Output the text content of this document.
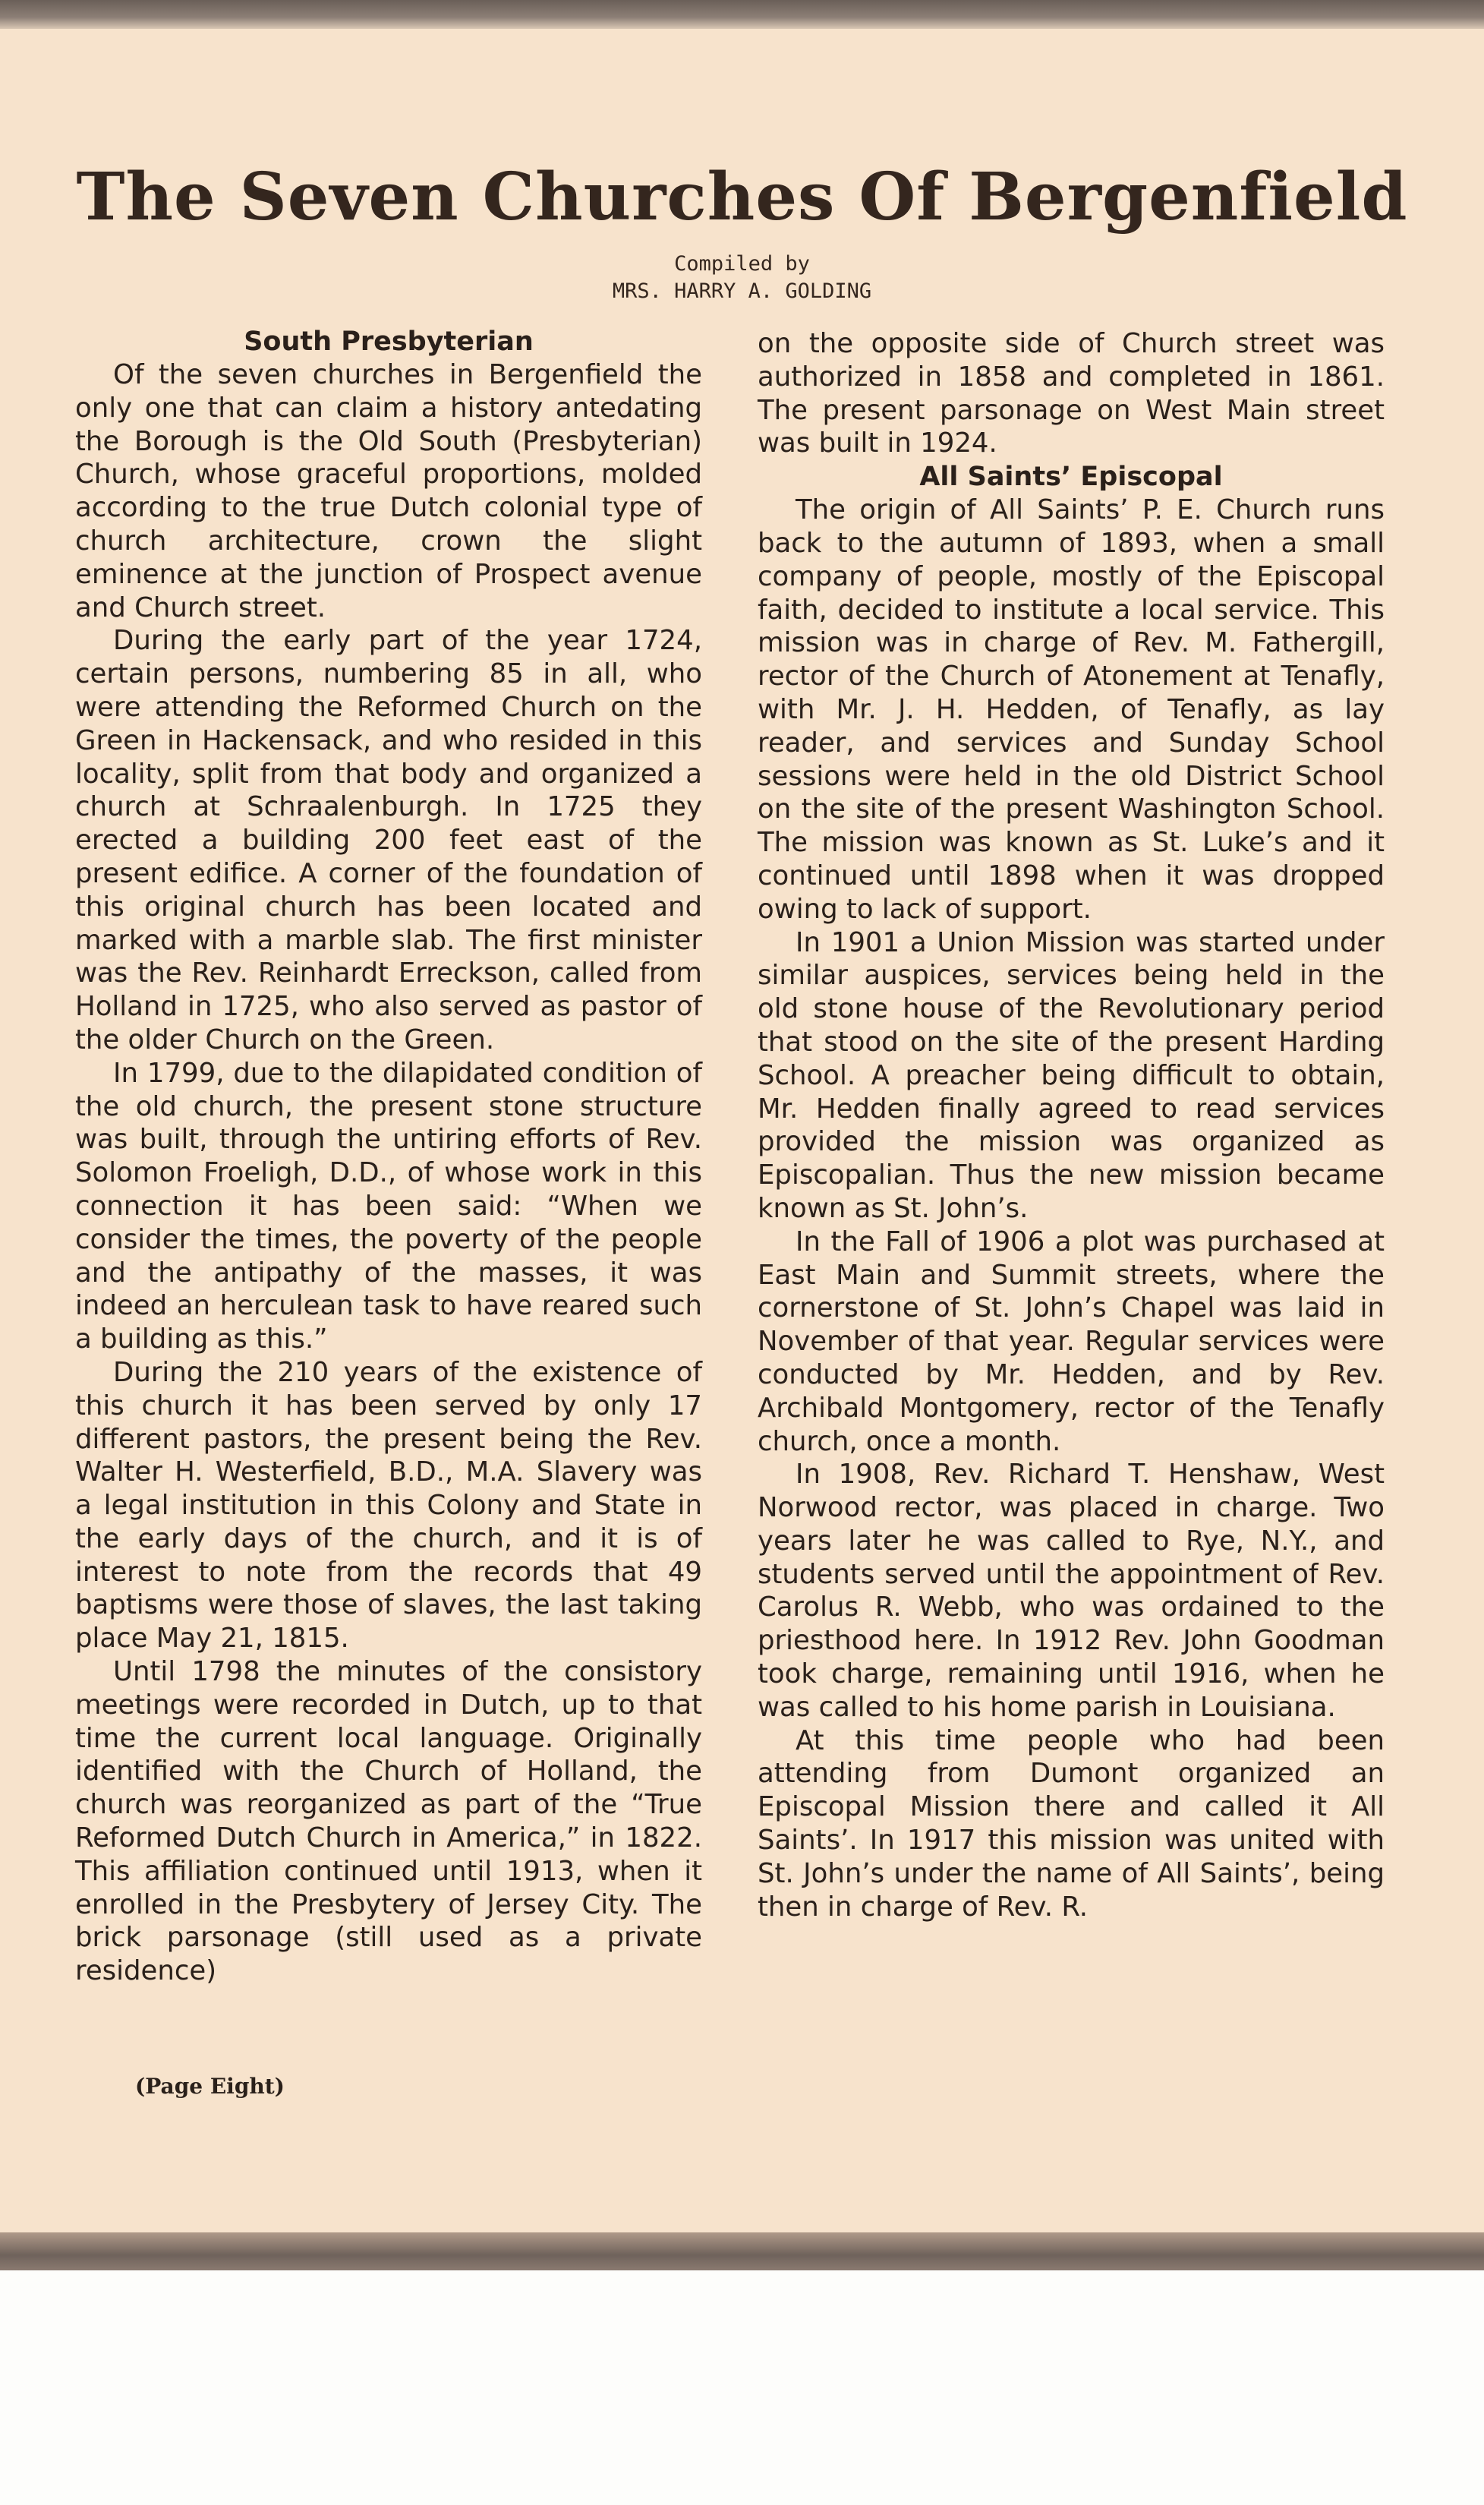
The Seven Churches Of Bergenfield
Compiled by
MRS. HARRY A. GOLDING
South Presbyterian

Of the seven churches in Bergenfield the only one that can claim a history antedating the Borough is the Old South (Presbyterian) Church, whose graceful proportions, molded according to the true Dutch colonial type of church architecture, crown the slight eminence at the junction of Prospect avenue and Church street.

During the early part of the year 1724, certain persons, numbering 85 in all, who were attending the Reformed Church on the Green in Hackensack, and who resided in this locality, split from that body and organized a church at Schraalenburgh. In 1725 they erected a building 200 feet east of the present edifice. A corner of the foundation of this original church has been located and marked with a marble slab. The first minister was the Rev. Reinhardt Erreckson, called from Holland in 1725, who also served as pastor of the older Church on the Green.

In 1799, due to the dilapidated condition of the old church, the present stone structure was built, through the untiring efforts of Rev. Solomon Froeligh, D.D., of whose work in this connection it has been said: “When we consider the times, the poverty of the people and the antipathy of the masses, it was indeed an herculean task to have reared such a building as this.”

During the 210 years of the existence of this church it has been served by only 17 different pastors, the present being the Rev. Walter H. Westerfield, B.D., M.A. Slavery was a legal institution in this Colony and State in the early days of the church, and it is of interest to note from the records that 49 baptisms were those of slaves, the last taking place May 21, 1815.

Until 1798 the minutes of the consistory meetings were recorded in Dutch, up to that time the current local language. Originally identified with the Church of Holland, the church was reorganized as part of the “True Reformed Dutch Church in America,” in 1822. This affiliation continued until 1913, when it enrolled in the Presbytery of Jersey City. The brick parsonage (still used as a private residence)

on the opposite side of Church street was authorized in 1858 and completed in 1861. The present parsonage on West Main street was built in 1924.

All Saints’ Episcopal

The origin of All Saints’ P. E. Church runs back to the autumn of 1893, when a small company of people, mostly of the Episcopal faith, decided to institute a local service. This mission was in charge of Rev. M. Fathergill, rector of the Church of Atonement at Tenafly, with Mr. J. H. Hedden, of Tenafly, as lay reader, and services and Sunday School sessions were held in the old District School on the site of the present Washington School. The mission was known as St. Luke’s and it continued until 1898 when it was dropped owing to lack of support.

In 1901 a Union Mission was started under similar auspices, services being held in the old stone house of the Revolutionary period that stood on the site of the present Harding School. A preacher being difficult to obtain, Mr. Hedden finally agreed to read services provided the mission was organized as Episcopalian. Thus the new mission became known as St. John’s.

In the Fall of 1906 a plot was purchased at East Main and Summit streets, where the cornerstone of St. John’s Chapel was laid in November of that year. Regular services were conducted by Mr. Hedden, and by Rev. Archibald Montgomery, rector of the Tenafly church, once a month.

In 1908, Rev. Richard T. Henshaw, West Norwood rector, was placed in charge. Two years later he was called to Rye, N.Y., and students served until the appointment of Rev. Carolus R. Webb, who was ordained to the priesthood here. In 1912 Rev. John Goodman took charge, remaining until 1916, when he was called to his home parish in Louisiana.

At this time people who had been attending from Dumont organized an Episcopal Mission there and called it All Saints’. In 1917 this mission was united with St. John’s under the name of All Saints’, being then in charge of Rev. R.

(Page Eight)
